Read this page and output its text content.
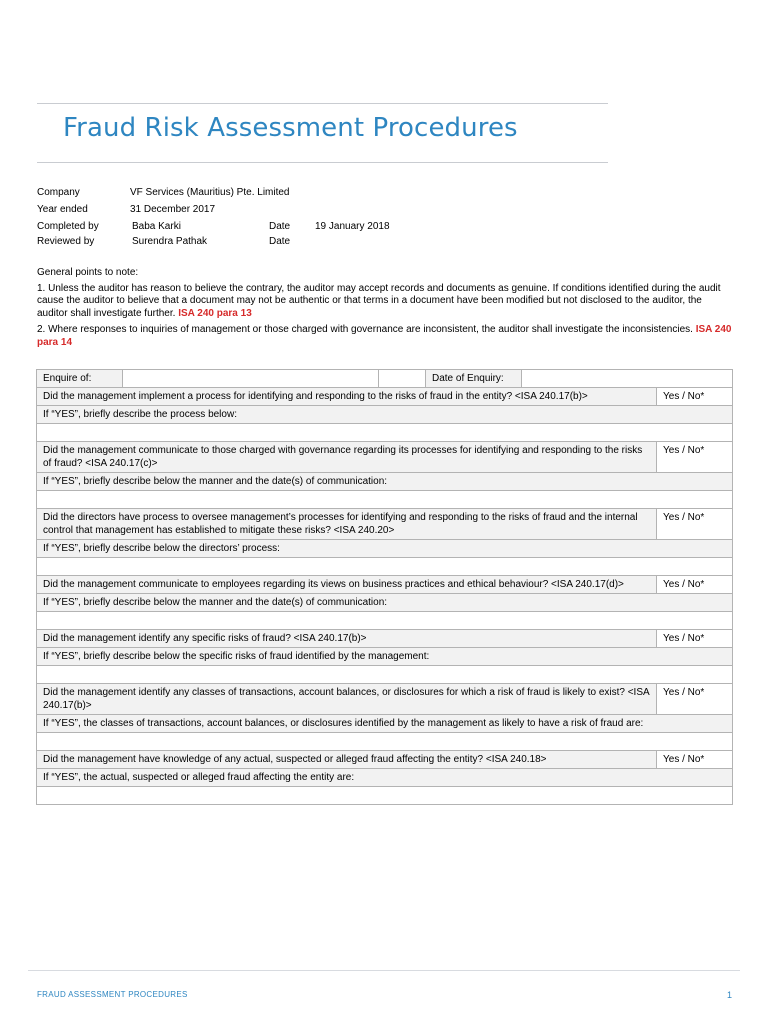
Fraud Risk Assessment Procedures
Company	VF Services (Mauritius) Pte. Limited
Year ended	31 December 2017
Completed by	Baba Karki	Date 19 January 2018
Reviewed by	Surendra Pathak	Date

General points to note:

1. Unless the auditor has reason to believe the contrary, the auditor may accept records and documents as genuine. If conditions identified during the audit cause the auditor to believe that a document may not be authentic or that terms in a document have been modified but not disclosed to the auditor, the auditor shall investigate further. ISA 240 para 13

2. Where responses to inquiries of management or those charged with governance are inconsistent, the auditor shall investigate the inconsistencies. ISA 240 para 14

Enquire of:			Date of Enquiry:		
Did the management implement a process for identifying and responding to the risks of fraud in the entity? <ISA 240.17(b)>					Yes / No*
If “YES”, briefly describe the process below:					

Did the management communicate to those charged with governance regarding its processes for identifying and responding to the risks of fraud? <ISA 240.17(c)>					Yes / No*
If “YES”, briefly describe below the manner and the date(s) of communication:					

Did the directors have process to oversee management’s processes for identifying and responding to the risks of fraud and the internal control that management has established to mitigate these risks? <ISA 240.20>					Yes / No*
If “YES”, briefly describe below the directors’ process:					

Did the management communicate to employees regarding its views on business practices and ethical behaviour? <ISA 240.17(d)>					Yes / No*
If “YES”, briefly describe below the manner and the date(s) of communication:					

Did the management identify any specific risks of fraud? <ISA 240.17(b)>					Yes / No*
If “YES”, briefly describe below the specific risks of fraud identified by the management:					

Did the management identify any classes of transactions, account balances, or disclosures for which a risk of fraud is likely to exist? <ISA 240.17(b)>					Yes / No*
If “YES”, the classes of transactions, account balances, or disclosures identified by the management as likely to have a risk of fraud are:					

Did the management have knowledge of any actual, suspected or alleged fraud affecting the entity? <ISA 240.18>					Yes / No*
If “YES”, the actual, suspected or alleged fraud affecting the entity are:					

FRAUD ASSESSMENT PROCEDURES	1
